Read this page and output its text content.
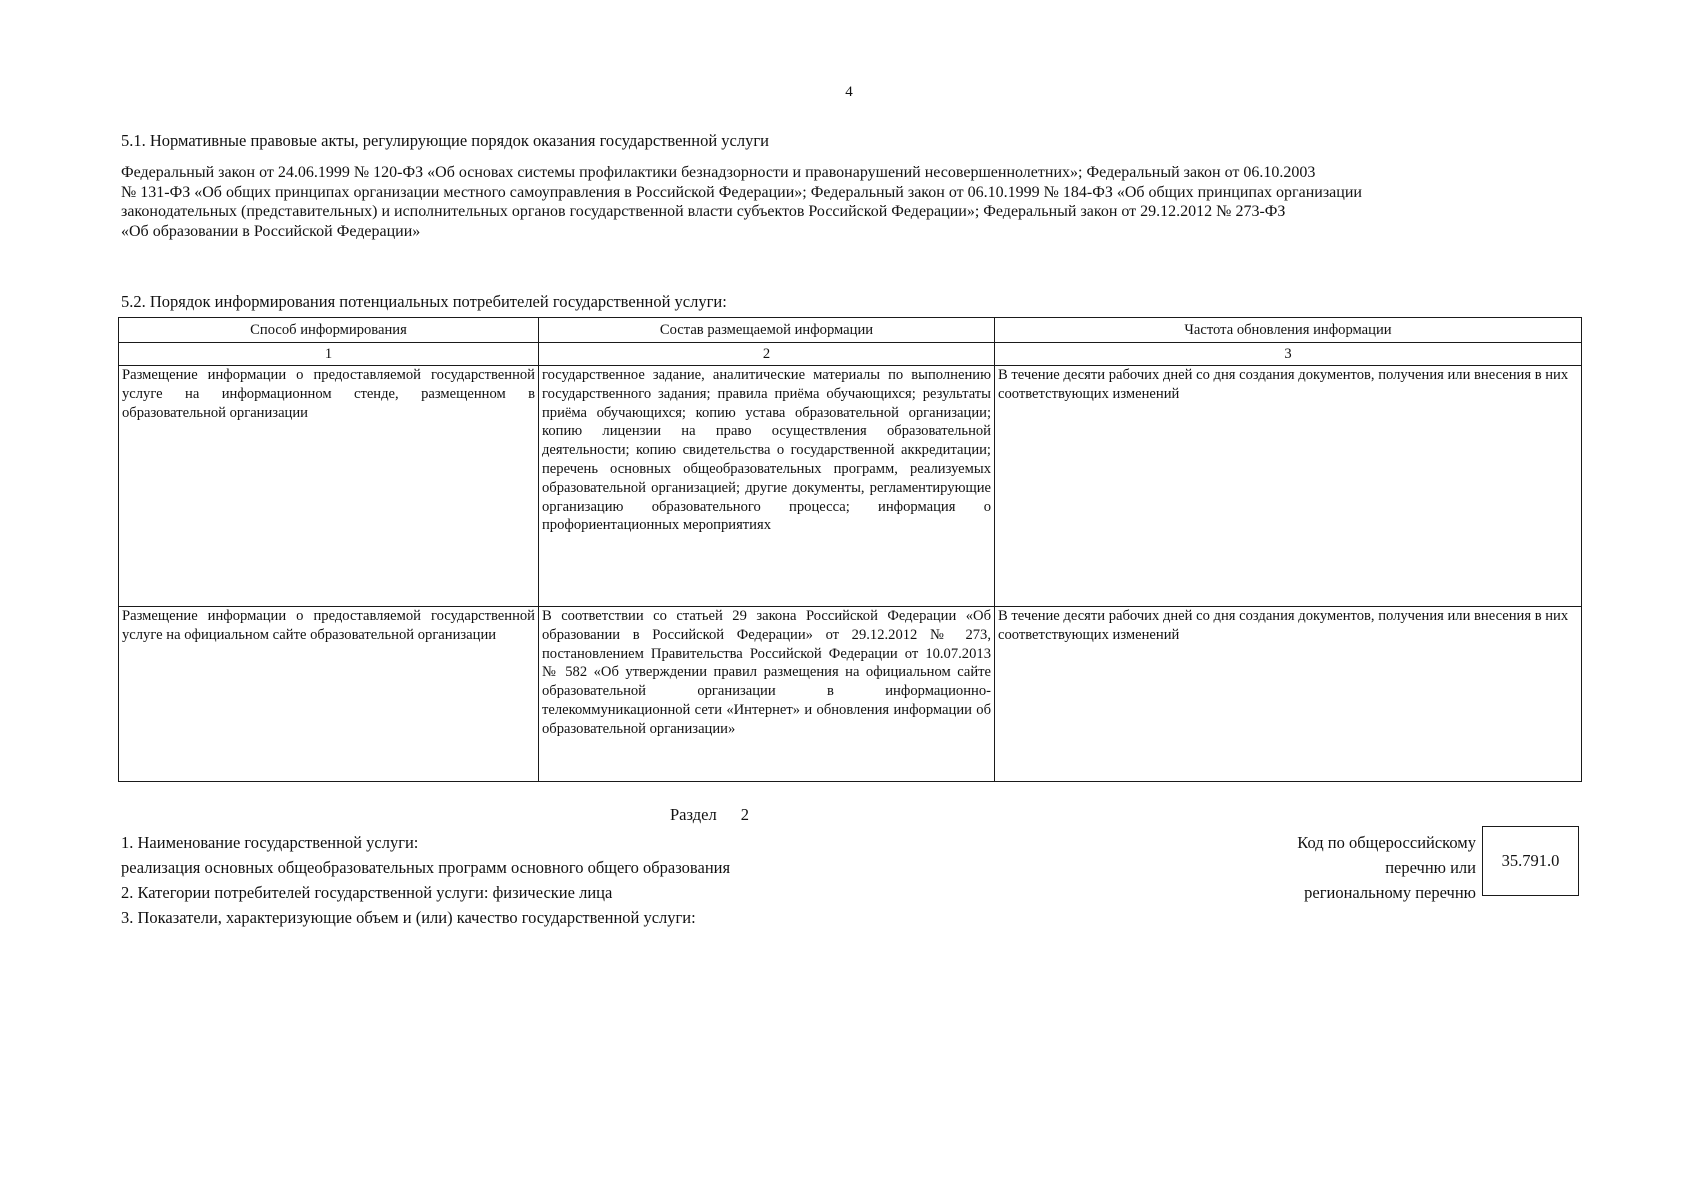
4
5.1. Нормативные правовые акты, регулирующие порядок оказания государственной услуги
Федеральный закон от 24.06.1999 № 120-ФЗ «Об основах системы профилактики безнадзорности и правонарушений несовершеннолетних»; Федеральный закон от 06.10.2003
№ 131-ФЗ «Об общих принципах организации местного самоуправления в Российской Федерации»; Федеральный закон от 06.10.1999 № 184-ФЗ «Об общих принципах организации
законодательных (представительных) и исполнительных органов государственной власти субъектов Российской Федерации»; Федеральный закон от 29.12.2012 № 273-ФЗ
«Об образовании в Российской Федерации»
5.2. Порядок информирования потенциальных потребителей государственной услуги:
Способ информирования	Состав размещаемой информации	Частота обновления информации
1	2	3
Размещение информации о предоставляемой государственной услуге на информационном стенде, размещенном в образовательной организации	государственное задание, аналитические материалы по выполнению государственного задания; правила приёма обучающихся; результаты приёма обучающихся; копию устава образовательной организации; копию лицензии на право осуществления образовательной деятельности; копию свидетельства о государственной аккредитации; перечень основных общеобразовательных программ, реализуемых образовательной организацией; другие документы, регламентирующие организацию образовательного процесса; информация о профориентационных мероприятиях	В течение десяти рабочих дней со дня создания документов, получения или внесения в них соответствующих изменений
Размещение информации о предоставляемой государственной услуге на официальном сайте образовательной организации	В соответствии со статьей 29 закона Российской Федерации «Об образовании в Российской Федерации» от 29.12.2012 № 273, постановлением Правительства Российской Федерации от 10.07.2013 № 582 «Об утверждении правил размещения на официальном сайте образовательной организации в информационно-телекоммуникационной сети «Интернет» и обновления информации об образовательной организации»	В течение десяти рабочих дней со дня создания документов, получения или внесения в них соответствующих изменений
Раздел 2
1. Наименование государственной услуги:
реализация основных общеобразовательных программ основного общего образования
2. Категории потребителей государственной услуги: физические лица
3. Показатели, характеризующие объем и (или) качество государственной услуги:
Код по общероссийскому
перечню или
региональному перечню
35.791.0
